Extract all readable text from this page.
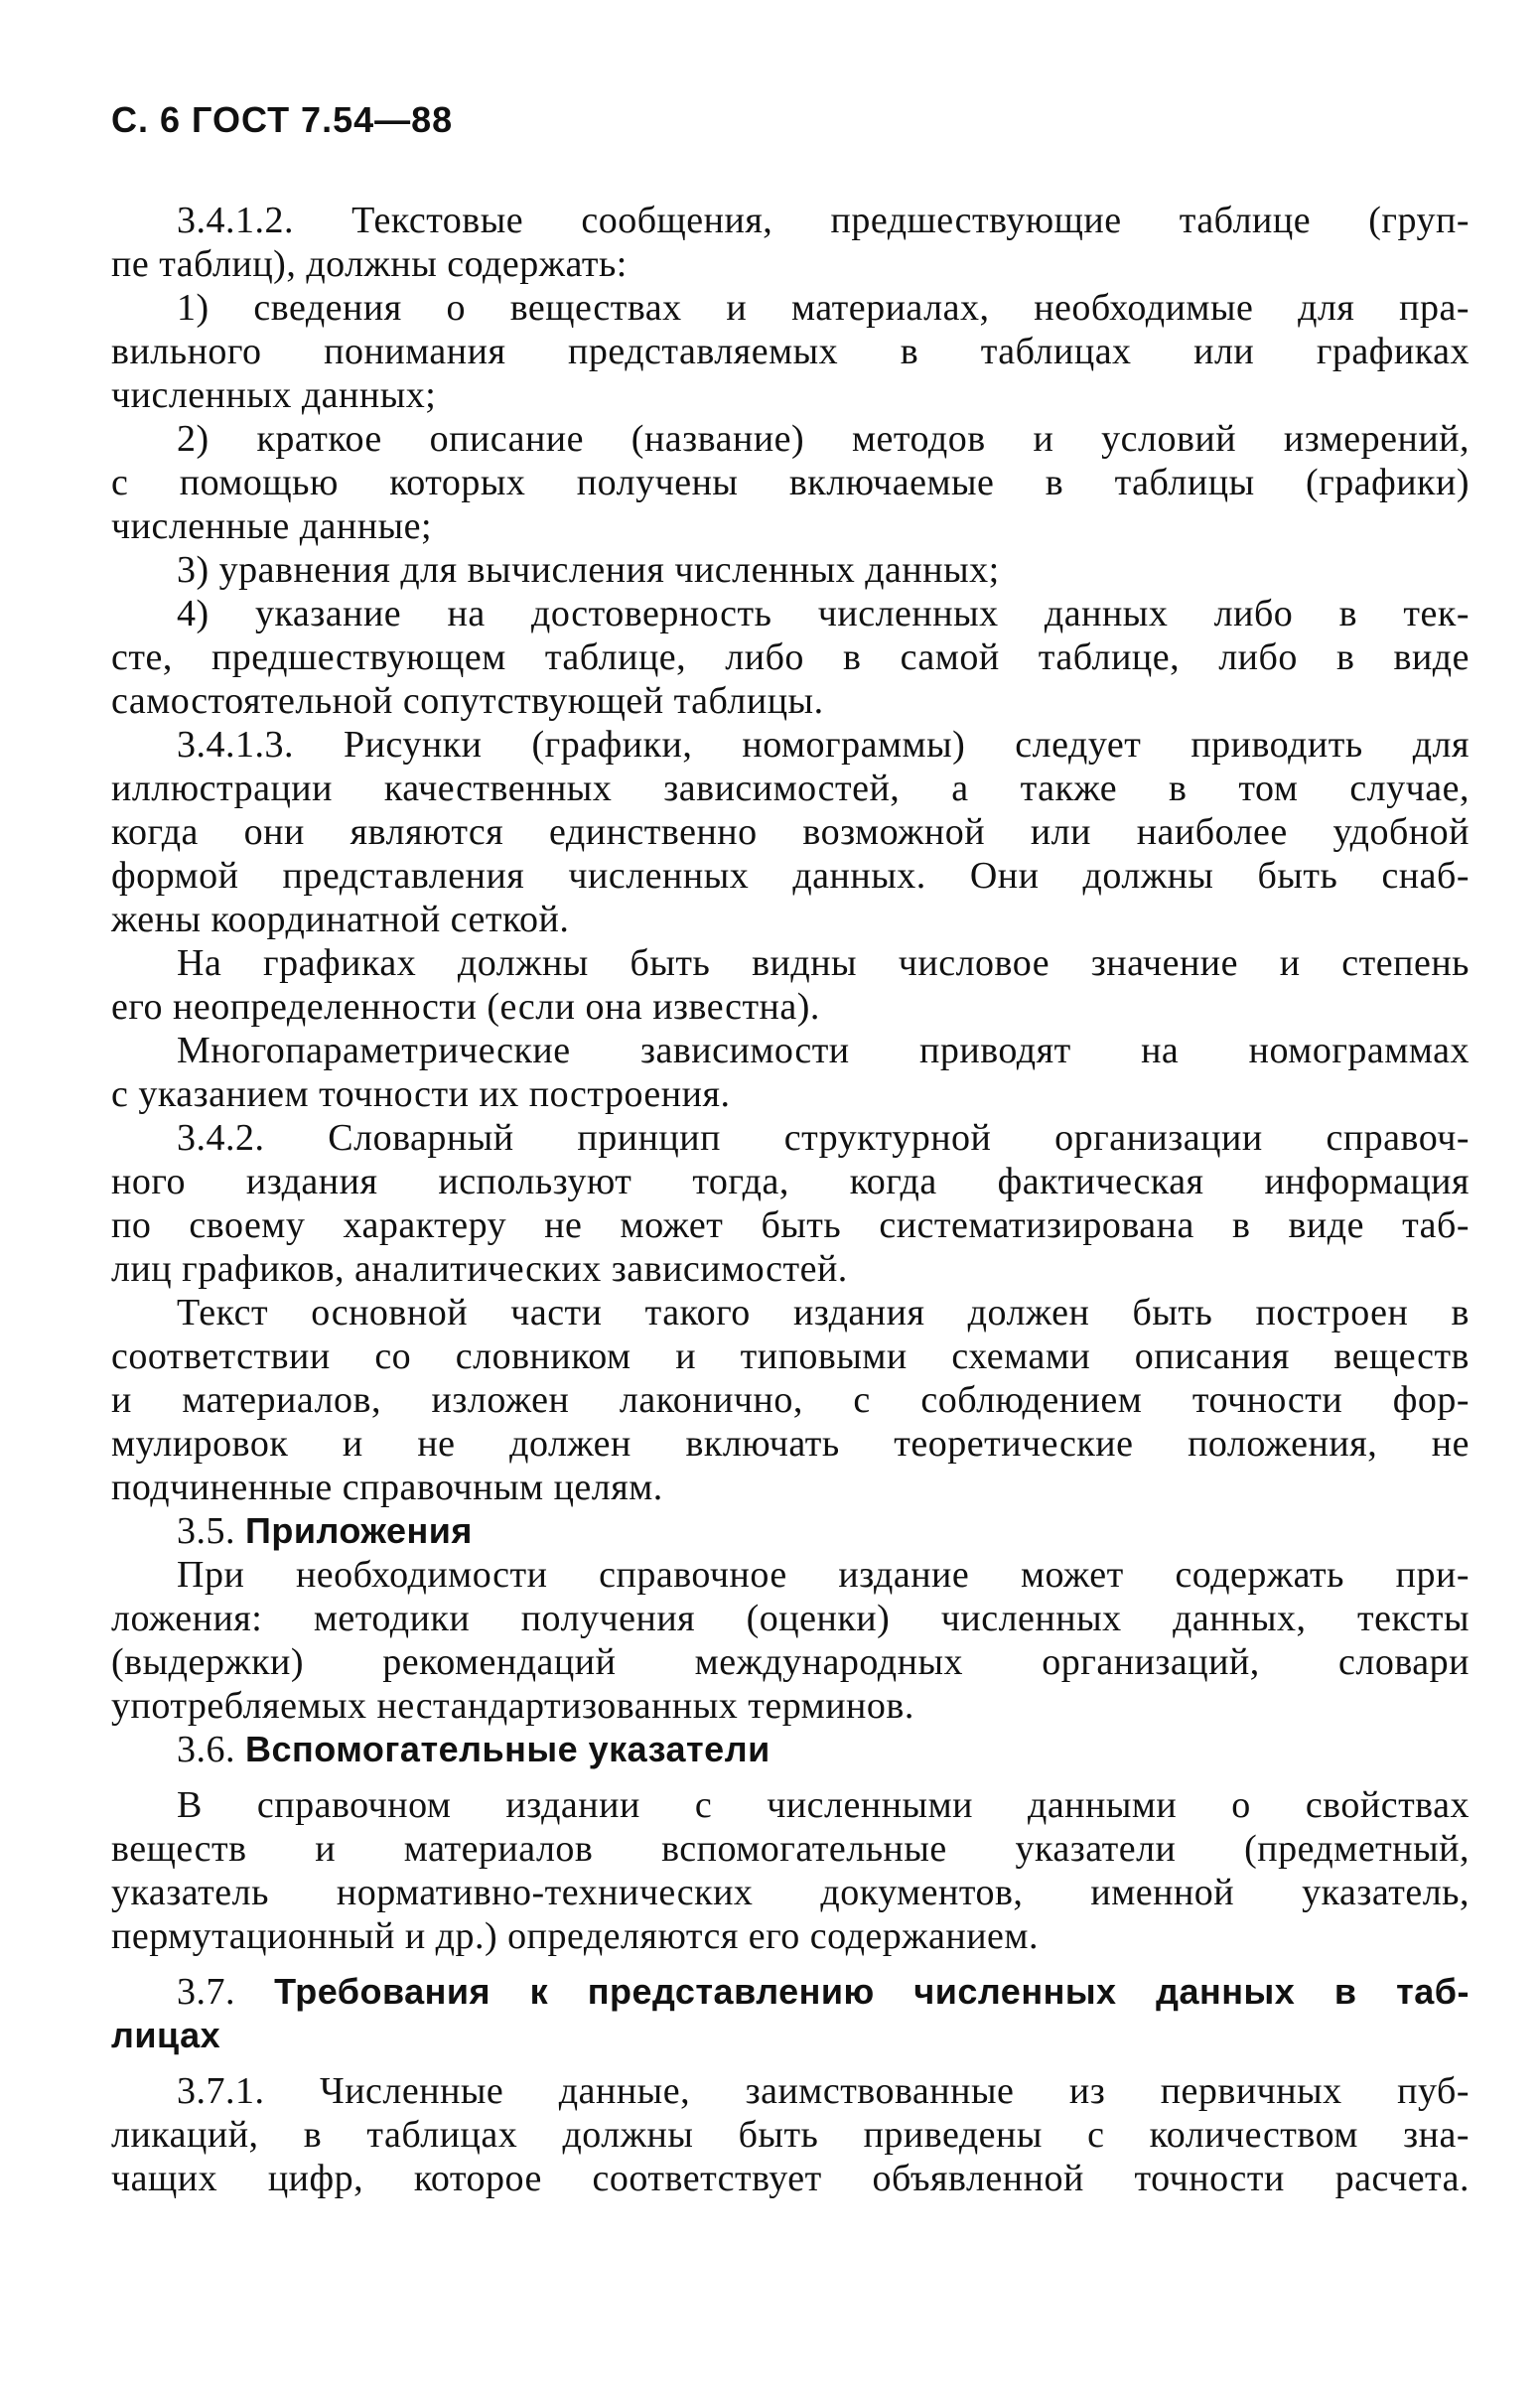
С. 6 ГОСТ 7.54—88
3.4.1.2. Текстовые сообщения, предшествующие таблице (груп-
пе таблиц), должны содержать:
1) сведения о веществах и материалах, необходимые для пра-
вильного понимания представляемых в таблицах или графиках
численных данных;
2) краткое описание (название) методов и условий измерений,
с помощью которых получены включаемые в таблицы (графики)
численные данные;
3) уравнения для вычисления численных данных;
4) указание на достоверность численных данных либо в тек-
сте, предшествующем таблице, либо в самой таблице, либо в виде
самостоятельной сопутствующей таблицы.
3.4.1.3. Рисунки (графики, номограммы) следует приводить для
иллюстрации качественных зависимостей, а также в том случае,
когда они являются единственно возможной или наиболее удобной
формой представления численных данных. Они должны быть снаб-
жены координатной сеткой.
На графиках должны быть видны числовое значение и степень
его неопределенности (если она известна).
Многопараметрические зависимости приводят на номограммах
с указанием точности их построения.
3.4.2. Словарный принцип структурной организации справоч-
ного издания используют тогда, когда фактическая информация
по своему характеру не может быть систематизирована в виде таб-
лиц графиков, аналитических зависимостей.
Текст основной части такого издания должен быть построен в
соответствии со словником и типовыми схемами описания веществ
и материалов, изложен лаконично, с соблюдением точности фор-
мулировок и не должен включать теоретические положения, не
подчиненные справочным целям.
3.5. Приложения
При необходимости справочное издание может содержать при-
ложения: методики получения (оценки) численных данных, тексты
(выдержки) рекомендаций международных организаций, словари
употребляемых нестандартизованных терминов.
3.6. Вспомогательные указатели
В справочном издании с численными данными о свойствах
веществ и материалов вспомогательные указатели (предметный,
указатель нормативно-технических документов, именной указатель,
пермутационный и др.) определяются его содержанием.
3.7. Требования к представлению численных данных в таб-
лицах
3.7.1. Численные данные, заимствованные из первичных пуб-
ликаций, в таблицах должны быть приведены с количеством зна-
чащих цифр, которое соответствует объявленной точности расчета.
